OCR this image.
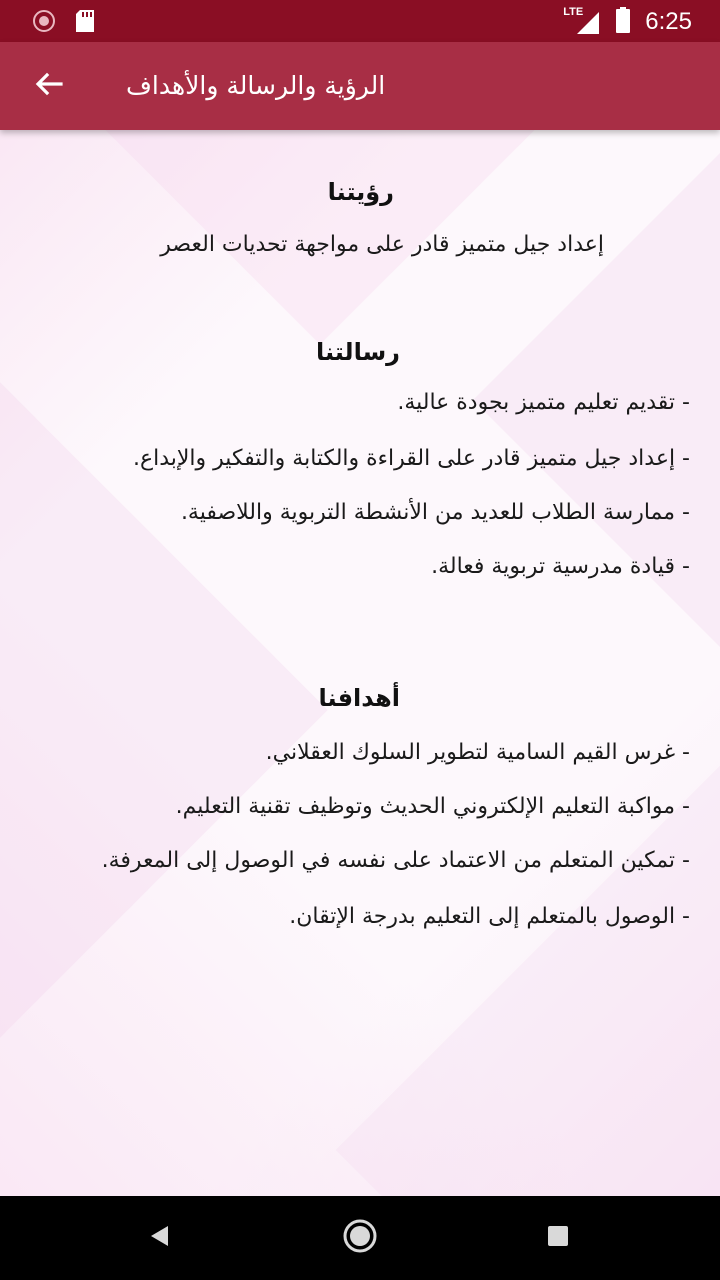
LTE	6:25
الرؤية والرسالة والأهداف
رؤيتنا
إعداد جيل متميز قادر على مواجهة تحديات العصر
رسالتنا
- تقديم تعليم متميز بجودة عالية.
- إعداد جيل متميز قادر على القراءة والكتابة والتفكير والإبداع.
- ممارسة الطلاب للعديد من الأنشطة التربوية واللاصفية.
- قيادة مدرسية تربوية فعالة.
أهدافنا
- غرس القيم السامية لتطوير السلوك العقلاني.
- مواكبة التعليم الإلكتروني الحديث وتوظيف تقنية التعليم.
- تمكين المتعلم من الاعتماد على نفسه في الوصول إلى المعرفة.
- الوصول بالمتعلم إلى التعليم بدرجة الإتقان.
